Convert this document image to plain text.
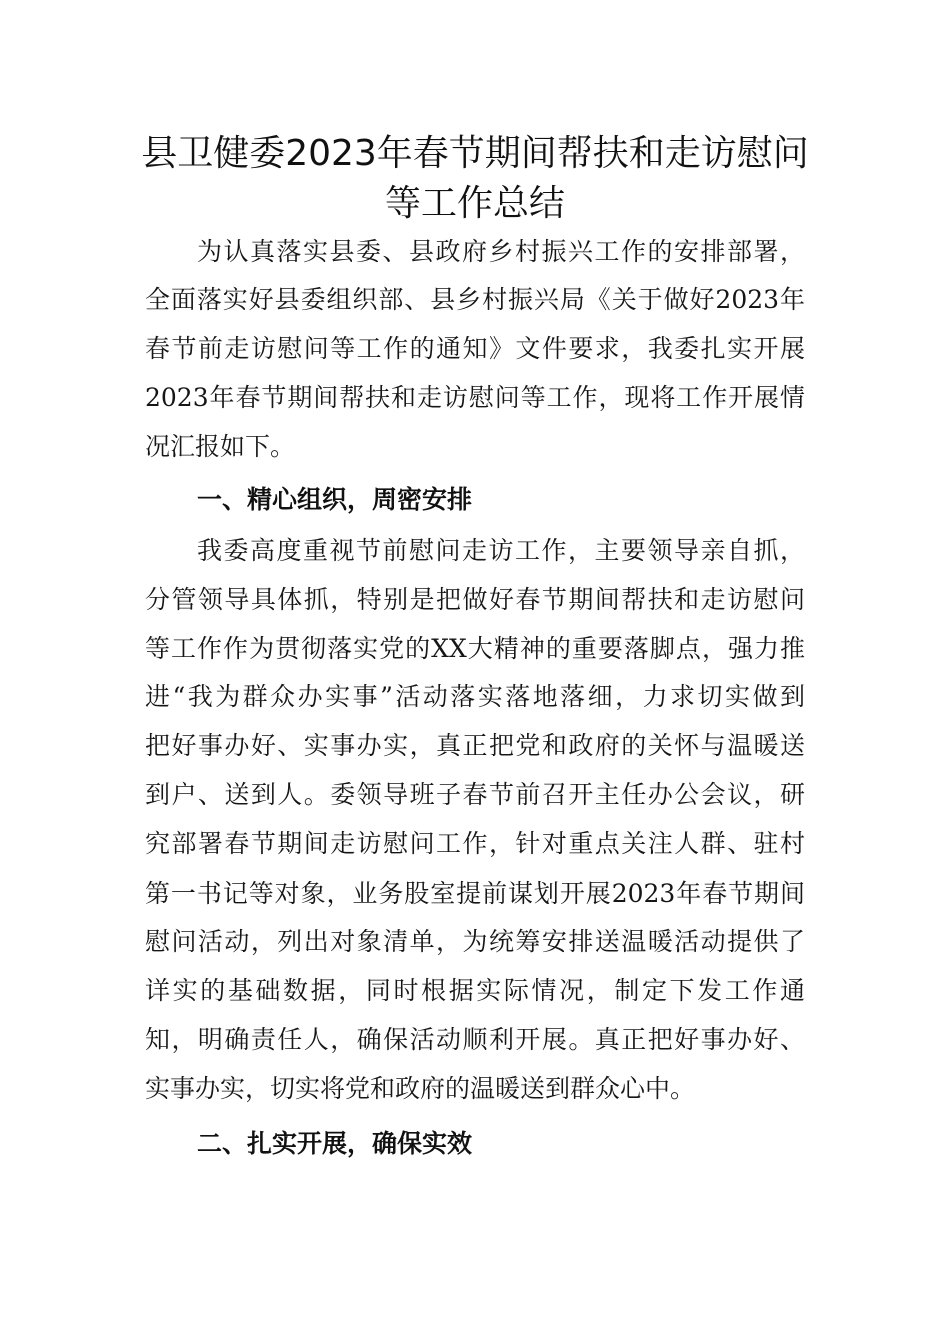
县卫健委2023年春节期间帮扶和走访慰问
等工作总结
为认真落实县委、县政府乡村振兴工作的安排部署，
全面落实好县委组织部、县乡村振兴局《关于做好2023年
春节前走访慰问等工作的通知》文件要求，我委扎实开展
2023年春节期间帮扶和走访慰问等工作，现将工作开展情
况汇报如下。
一、精心组织，周密安排
我委高度重视节前慰问走访工作，主要领导亲自抓，
分管领导具体抓，特别是把做好春节期间帮扶和走访慰问
等工作作为贯彻落实党的XX大精神的重要落脚点，强力推
进“我为群众办实事”活动落实落地落细，力求切实做到
把好事办好、实事办实，真正把党和政府的关怀与温暖送
到户、送到人。委领导班子春节前召开主任办公会议，研
究部署春节期间走访慰问工作，针对重点关注人群、驻村
第一书记等对象，业务股室提前谋划开展2023年春节期间
慰问活动，列出对象清单，为统筹安排送温暖活动提供了
详实的基础数据，同时根据实际情况，制定下发工作通
知，明确责任人，确保活动顺利开展。真正把好事办好、
实事办实，切实将党和政府的温暖送到群众心中。
二、扎实开展，确保实效
